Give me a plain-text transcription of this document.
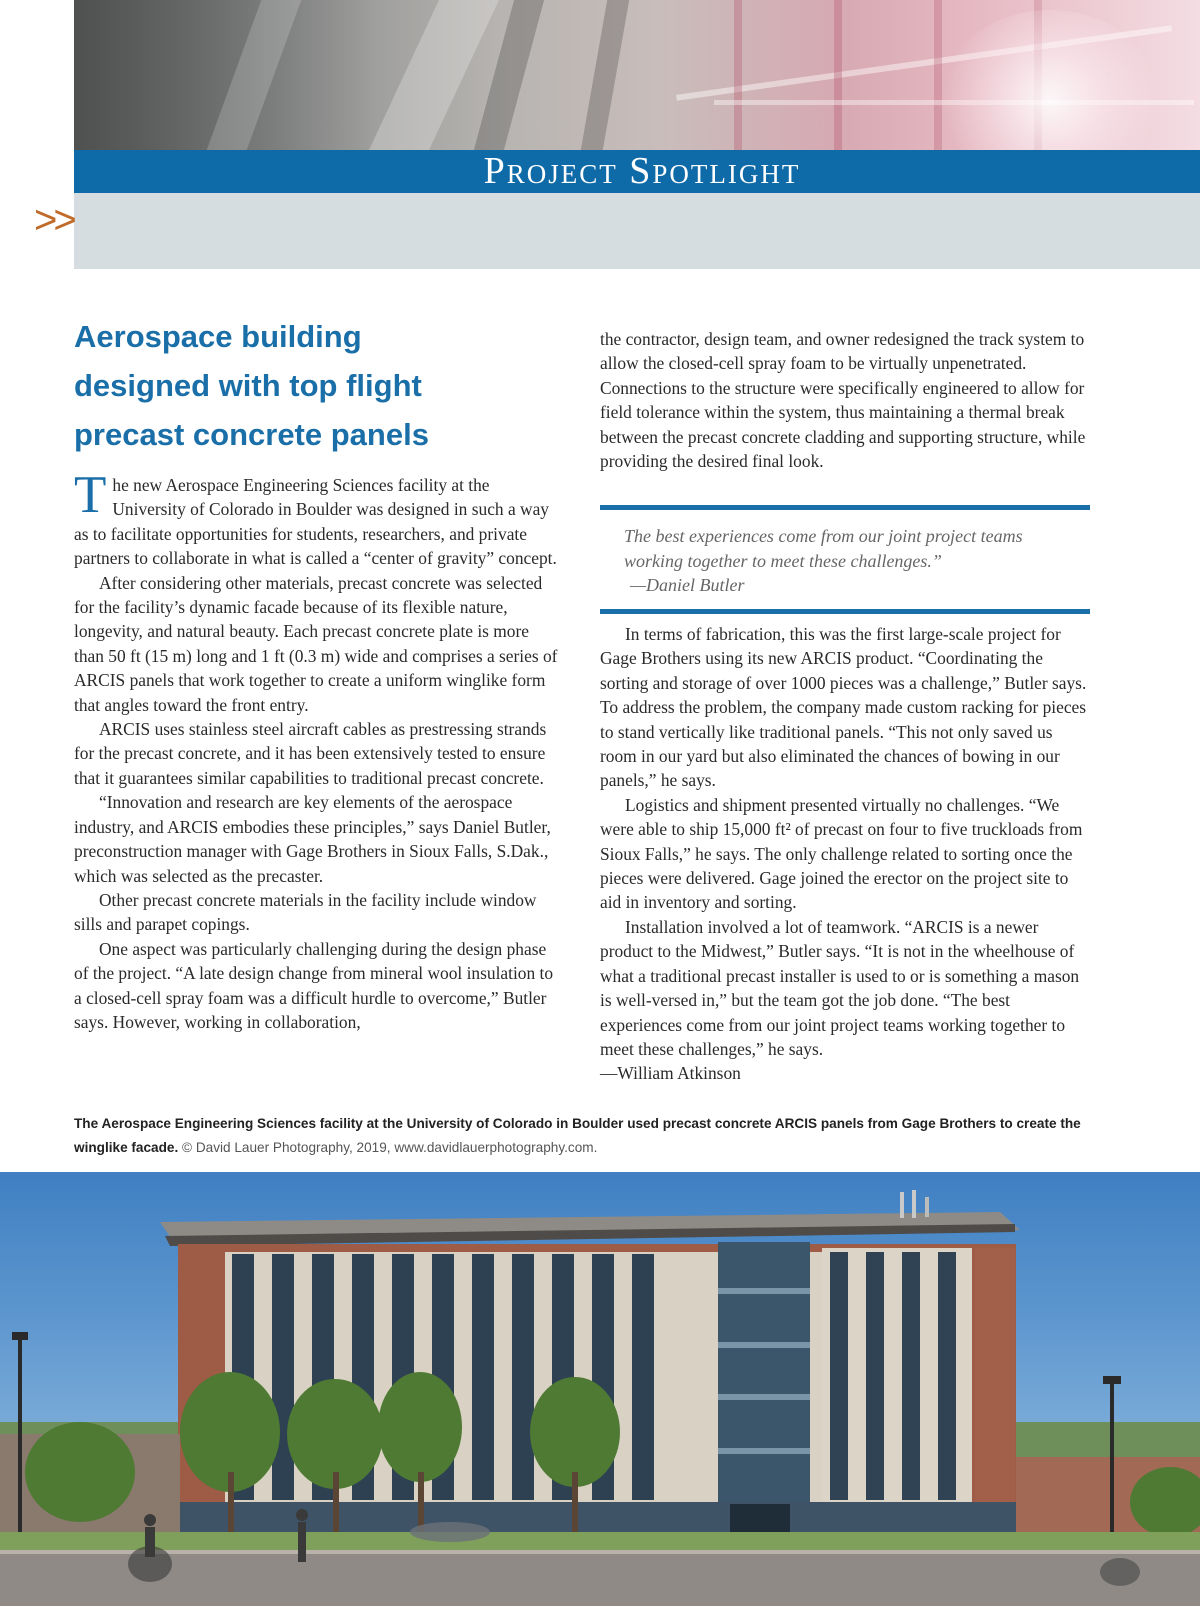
Project Spotlight
>>
Aerospace building designed with top flight precast concrete panels

The new Aerospace Engineering Sciences facility at the University of Colorado in Boulder was designed in such a way as to facilitate opportunities for students, researchers, and private partners to collaborate in what is called a “center of gravity” concept.

After considering other materials, precast concrete was selected for the facility’s dynamic facade because of its flexible nature, longevity, and natural beauty. Each precast concrete plate is more than 50 ft (15 m) long and 1 ft (0.3 m) wide and comprises a series of ARCIS panels that work together to create a uniform winglike form that angles toward the front entry.

ARCIS uses stainless steel aircraft cables as prestressing strands for the precast concrete, and it has been extensively tested to ensure that it guarantees similar capabilities to traditional precast concrete.

“Innovation and research are key elements of the aerospace industry, and ARCIS embodies these principles,” says Daniel Butler, preconstruction manager with Gage Brothers in Sioux Falls, S.Dak., which was selected as the precaster.

Other precast concrete materials in the facility include window sills and parapet copings.

One aspect was particularly challenging during the design phase of the project. “A late design change from mineral wool insulation to a closed-cell spray foam was a difficult hurdle to overcome,” Butler says. However, working in collaboration,

the contractor, design team, and owner redesigned the track system to allow the closed-cell spray foam to be virtually unpenetrated. Connections to the structure were specifically engineered to allow for field tolerance within the system, thus maintaining a thermal break between the precast concrete cladding and supporting structure, while providing the desired final look.

The best experiences come from our joint project teams working together to meet these challenges.”
—Daniel Butler

In terms of fabrication, this was the first large-scale project for Gage Brothers using its new ARCIS product. “Coordinating the sorting and storage of over 1000 pieces was a challenge,” Butler says. To address the problem, the company made custom racking for pieces to stand vertically like traditional panels. “This not only saved us room in our yard but also eliminated the chances of bowing in our panels,” he says.

Logistics and shipment presented virtually no challenges. “We were able to ship 15,000 ft² of precast on four to five truckloads from Sioux Falls,” he says. The only challenge related to sorting once the pieces were delivered. Gage joined the erector on the project site to aid in inventory and sorting.

Installation involved a lot of teamwork. “ARCIS is a newer product to the Midwest,” Butler says. “It is not in the wheelhouse of what a traditional precast installer is used to or is something a mason is well-versed in,” but the team got the job done. “The best experiences come from our joint project teams working together to meet these challenges,” he says.

—William Atkinson

The Aerospace Engineering Sciences facility at the University of Colorado in Boulder used precast concrete ARCIS panels from Gage Brothers to create the winglike facade. © David Lauer Photography, 2019, www.davidlauerphotography.com.
